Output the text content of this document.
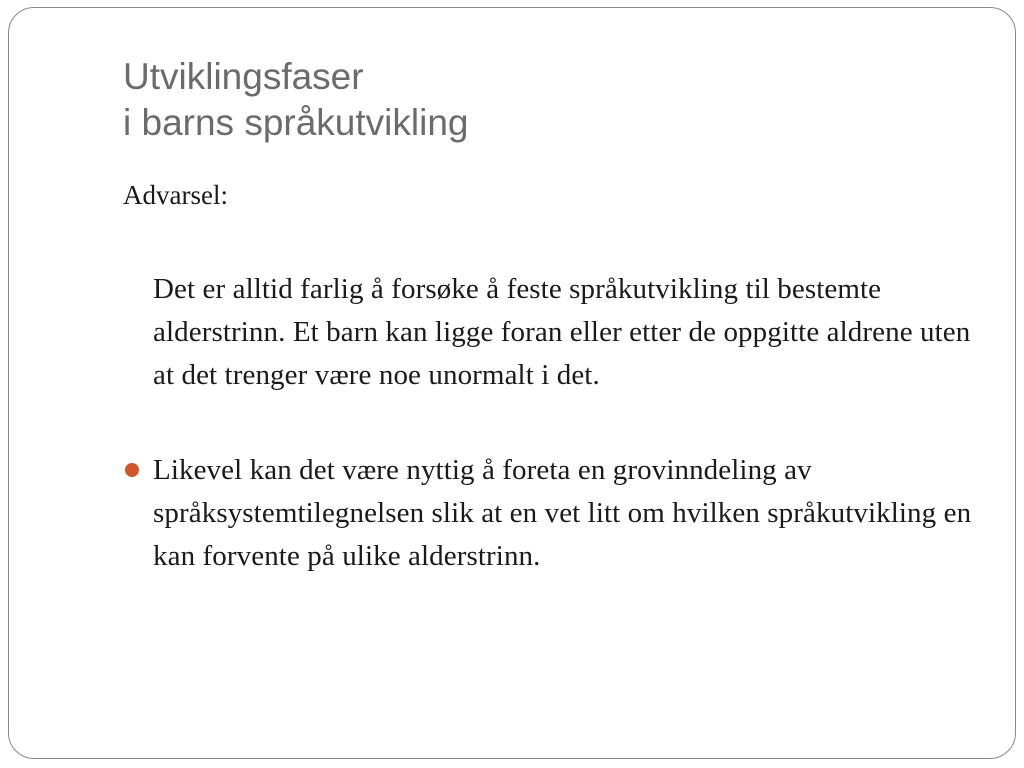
Utviklingsfaser
i barns språkutvikling

Advarsel:

Det er alltid farlig å forsøke å feste språkutvikling til bestemte alderstrinn. Et barn kan ligge foran eller etter de oppgitte aldrene uten at det trenger være noe unormalt i det.

Likevel kan det være nyttig å foreta en grovinndeling av språksystemtilegnelsen slik at en vet litt om hvilken språkutvikling en kan forvente på ulike alderstrinn.
